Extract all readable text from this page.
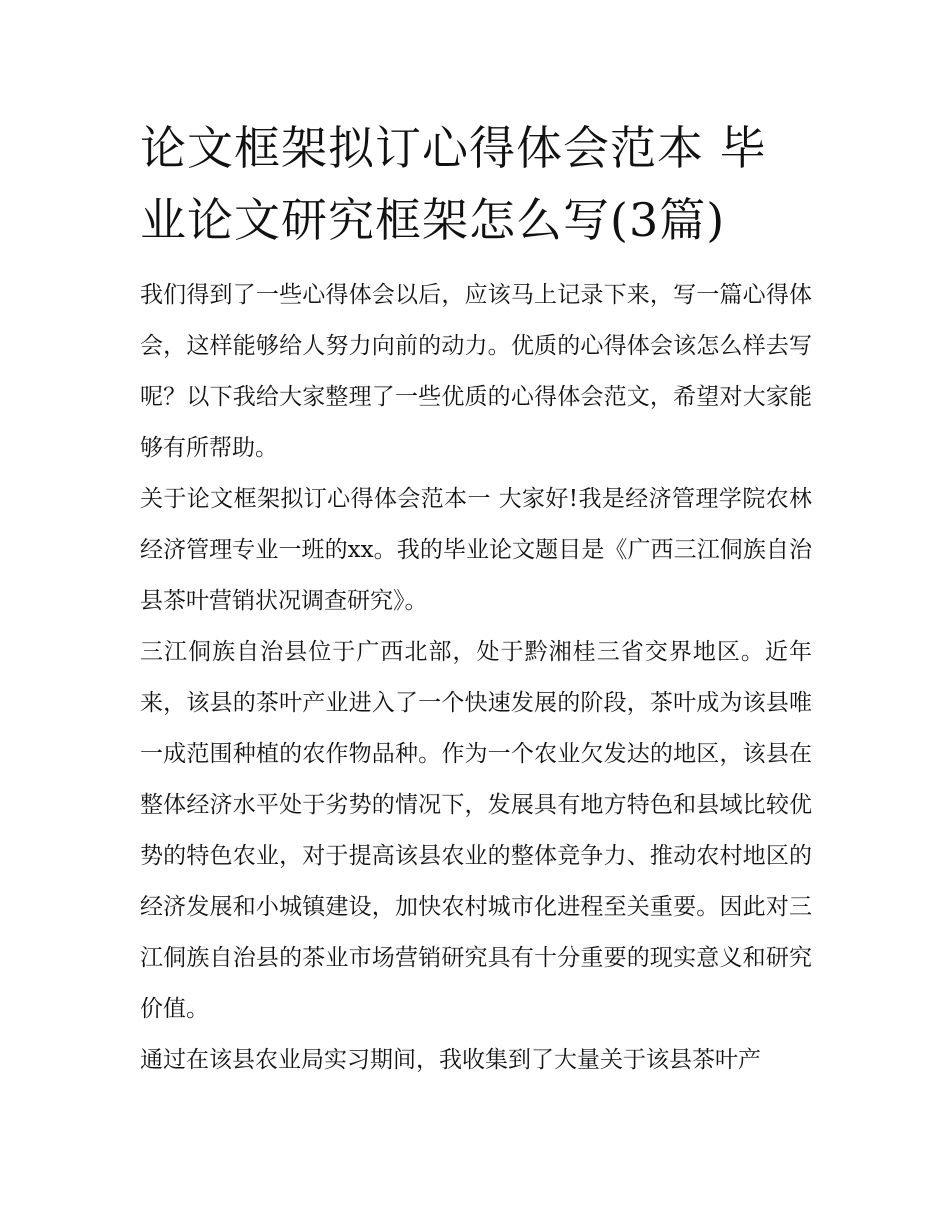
论文框架拟订心得体会范本 毕业论文研究框架怎么写(3篇)

我们得到了一些心得体会以后，应该马上记录下来，写一篇心得体会，这样能够给人努力向前的动力。优质的心得体会该怎么样去写呢？以下我给大家整理了一些优质的心得体会范文，希望对大家能够有所帮助。

关于论文框架拟订心得体会范本一 大家好!我是经济管理学院农林经济管理专业一班的xx。我的毕业论文题目是《广西三江侗族自治县茶叶营销状况调查研究》。

三江侗族自治县位于广西北部，处于黔湘桂三省交界地区。近年来，该县的茶叶产业进入了一个快速发展的阶段，茶叶成为该县唯一成范围种植的农作物品种。作为一个农业欠发达的地区，该县在整体经济水平处于劣势的情况下，发展具有地方特色和县域比较优势的特色农业，对于提高该县农业的整体竞争力、推动农村地区的经济发展和小城镇建设，加快农村城市化进程至关重要。因此对三江侗族自治县的茶业市场营销研究具有十分重要的现实意义和研究价值。

通过在该县农业局实习期间，我收集到了大量关于该县茶叶产
